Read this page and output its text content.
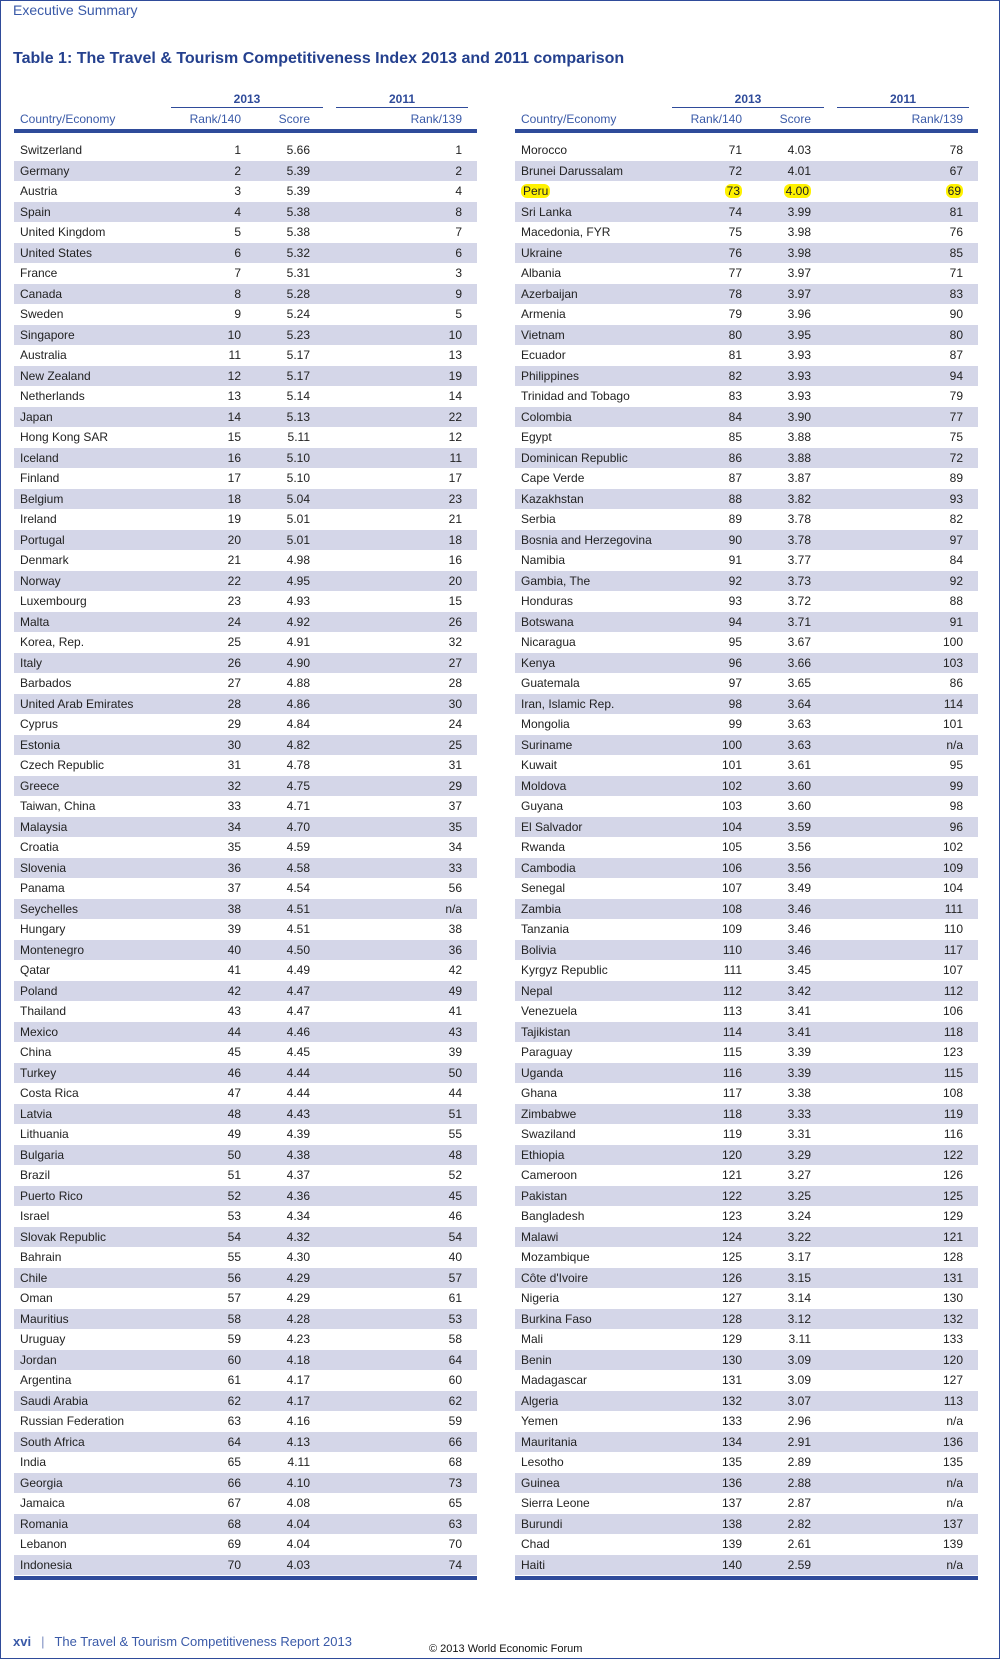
Executive Summary
Table 1: The Travel & Tourism Competitiveness Index 2013 and 2011 comparison
2013	2011
Country/Economy	Rank/140	Score	Rank/139
Switzerland	1	5.66	1
Germany	2	5.39	2
Austria	3	5.39	4
Spain	4	5.38	8
United Kingdom	5	5.38	7
United States	6	5.32	6
France	7	5.31	3
Canada	8	5.28	9
Sweden	9	5.24	5
Singapore	10	5.23	10
Australia	11	5.17	13
New Zealand	12	5.17	19
Netherlands	13	5.14	14
Japan	14	5.13	22
Hong Kong SAR	15	5.11	12
Iceland	16	5.10	11
Finland	17	5.10	17
Belgium	18	5.04	23
Ireland	19	5.01	21
Portugal	20	5.01	18
Denmark	21	4.98	16
Norway	22	4.95	20
Luxembourg	23	4.93	15
Malta	24	4.92	26
Korea, Rep.	25	4.91	32
Italy	26	4.90	27
Barbados	27	4.88	28
United Arab Emirates	28	4.86	30
Cyprus	29	4.84	24
Estonia	30	4.82	25
Czech Republic	31	4.78	31
Greece	32	4.75	29
Taiwan, China	33	4.71	37
Malaysia	34	4.70	35
Croatia	35	4.59	34
Slovenia	36	4.58	33
Panama	37	4.54	56
Seychelles	38	4.51	n/a
Hungary	39	4.51	38
Montenegro	40	4.50	36
Qatar	41	4.49	42
Poland	42	4.47	49
Thailand	43	4.47	41
Mexico	44	4.46	43
China	45	4.45	39
Turkey	46	4.44	50
Costa Rica	47	4.44	44
Latvia	48	4.43	51
Lithuania	49	4.39	55
Bulgaria	50	4.38	48
Brazil	51	4.37	52
Puerto Rico	52	4.36	45
Israel	53	4.34	46
Slovak Republic	54	4.32	54
Bahrain	55	4.30	40
Chile	56	4.29	57
Oman	57	4.29	61
Mauritius	58	4.28	53
Uruguay	59	4.23	58
Jordan	60	4.18	64
Argentina	61	4.17	60
Saudi Arabia	62	4.17	62
Russian Federation	63	4.16	59
South Africa	64	4.13	66
India	65	4.11	68
Georgia	66	4.10	73
Jamaica	67	4.08	65
Romania	68	4.04	63
Lebanon	69	4.04	70
Indonesia	70	4.03	74
2013	2011
Country/Economy	Rank/140	Score	Rank/139
Morocco	71	4.03	78
Brunei Darussalam	72	4.01	67
Peru	73	4.00	69
Sri Lanka	74	3.99	81
Macedonia, FYR	75	3.98	76
Ukraine	76	3.98	85
Albania	77	3.97	71
Azerbaijan	78	3.97	83
Armenia	79	3.96	90
Vietnam	80	3.95	80
Ecuador	81	3.93	87
Philippines	82	3.93	94
Trinidad and Tobago	83	3.93	79
Colombia	84	3.90	77
Egypt	85	3.88	75
Dominican Republic	86	3.88	72
Cape Verde	87	3.87	89
Kazakhstan	88	3.82	93
Serbia	89	3.78	82
Bosnia and Herzegovina	90	3.78	97
Namibia	91	3.77	84
Gambia, The	92	3.73	92
Honduras	93	3.72	88
Botswana	94	3.71	91
Nicaragua	95	3.67	100
Kenya	96	3.66	103
Guatemala	97	3.65	86
Iran, Islamic Rep.	98	3.64	114
Mongolia	99	3.63	101
Suriname	100	3.63	n/a
Kuwait	101	3.61	95
Moldova	102	3.60	99
Guyana	103	3.60	98
El Salvador	104	3.59	96
Rwanda	105	3.56	102
Cambodia	106	3.56	109
Senegal	107	3.49	104
Zambia	108	3.46	111
Tanzania	109	3.46	110
Bolivia	110	3.46	117
Kyrgyz Republic	111	3.45	107
Nepal	112	3.42	112
Venezuela	113	3.41	106
Tajikistan	114	3.41	118
Paraguay	115	3.39	123
Uganda	116	3.39	115
Ghana	117	3.38	108
Zimbabwe	118	3.33	119
Swaziland	119	3.31	116
Ethiopia	120	3.29	122
Cameroon	121	3.27	126
Pakistan	122	3.25	125
Bangladesh	123	3.24	129
Malawi	124	3.22	121
Mozambique	125	3.17	128
Côte d'Ivoire	126	3.15	131
Nigeria	127	3.14	130
Burkina Faso	128	3.12	132
Mali	129	3.11	133
Benin	130	3.09	120
Madagascar	131	3.09	127
Algeria	132	3.07	113
Yemen	133	2.96	n/a
Mauritania	134	2.91	136
Lesotho	135	2.89	135
Guinea	136	2.88	n/a
Sierra Leone	137	2.87	n/a
Burundi	138	2.82	137
Chad	139	2.61	139
Haiti	140	2.59	n/a
xvi | The Travel & Tourism Competitiveness Report 2013	© 2013 World Economic Forum
